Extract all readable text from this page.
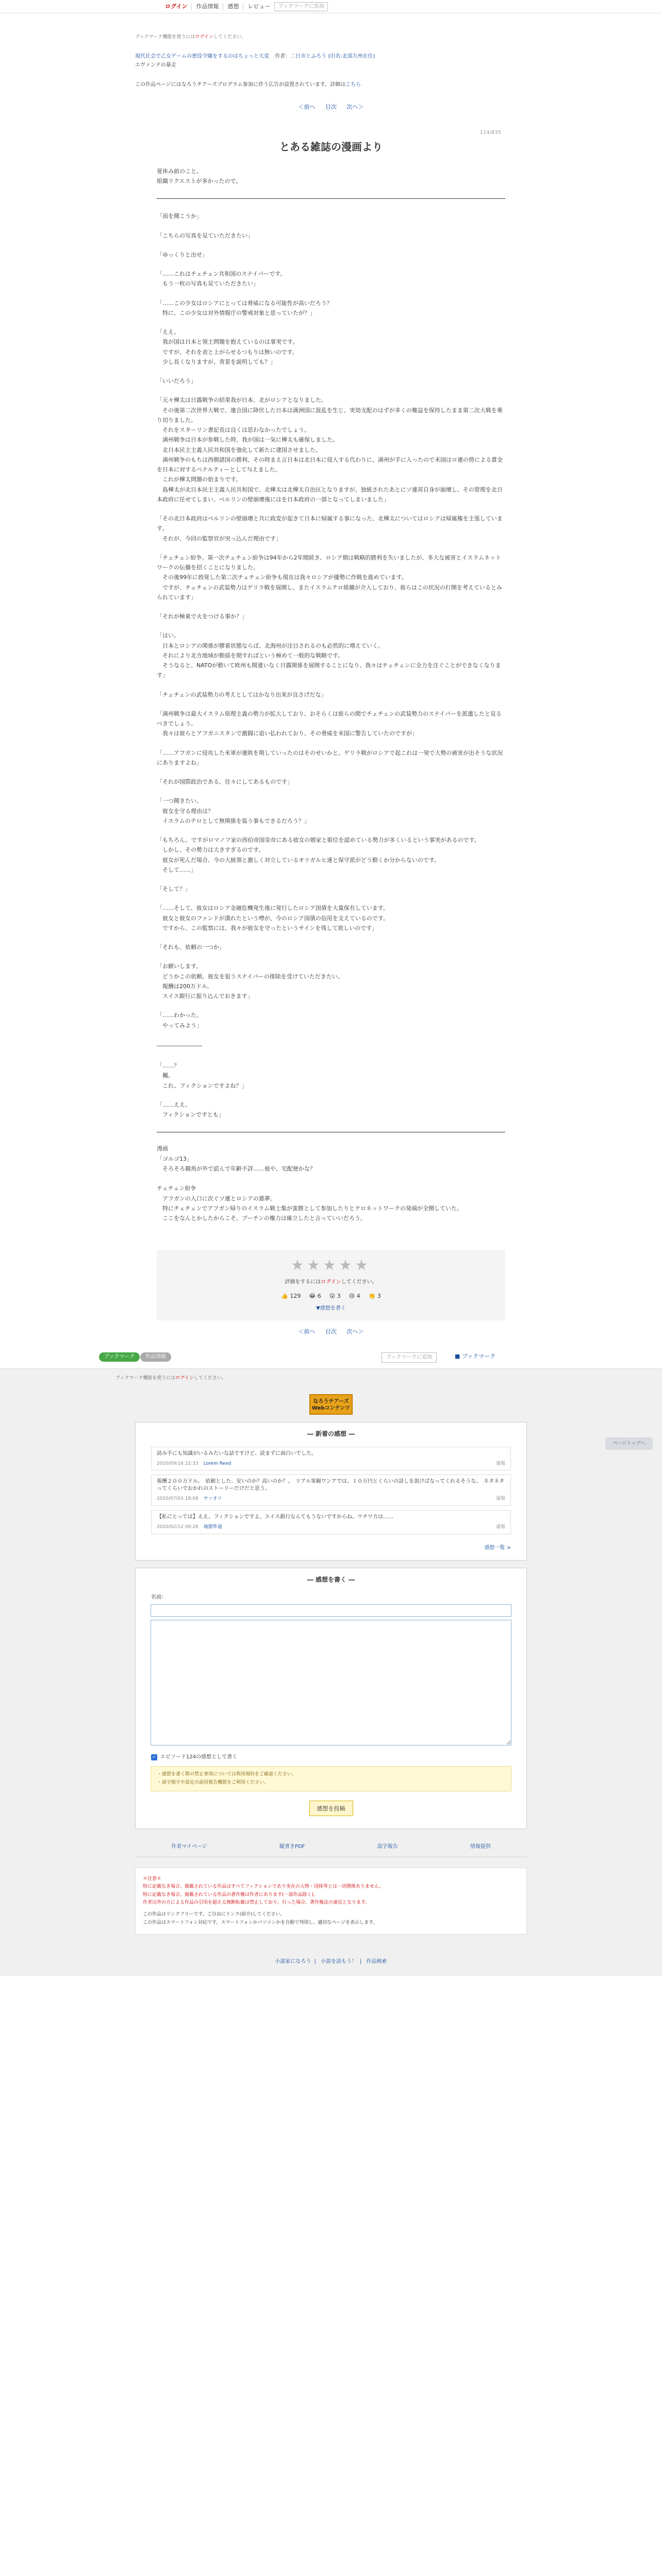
ログイン 作品情報 感想 レビュー	ブックマークに追加
ブックマーク機能を使うにはログインしてください。
現代社会で乙女ゲームの悪役令嬢をするのはちょっと大変 作者：二日市とふろう (旧名:北部九州在住)
エヴァンテの暴走
この作品ページにはなろうチアーズプログラム参加に伴う広告が設置されています。詳細はこちら
＜前へ 目次 次へ＞
114/835
とある雑誌の漫画より

夏休み前のこと。
組織リクエストが多かったので。

「雨を聞こうか」

「こちらの写真を見ていただきたい」

「ゆっくりと出せ」

「……これはチェチェン共和国のスナイパーです。
　もう一枚の写真も見ていただきたい」

「……この少女はロシアにとっては脅威になる可能性が高いだろう？
　特に、この少女は対外情報庁の警戒対象と思っていたが？」

「ええ。
　我が国は日本と領土問題を抱えているのは事実です。
　ですが、それを表と上がらせるつもりは無いのです。
　少し長くなりますが、背景を説明しても？」

「いいだろう」

「元々樺太は日露戦争の結果我が日本、北がロシアとなりました。
　その後第二次世界大戦で、連合国に降伏した日本は満洲国に混乱を生じ、実効支配のはずが多くの権益を保持したまま第二次大戦を乗り切りました。
　それをスターリン書記長は良くは思わなかったでしょう。
　満州戦争は日本が参戦した時、我が国は一気に樺太も確保しました。
　北日本民主主義人民共和国を強化して新たに建国させました。
　満州戦争のもちは西側諸国の勝利、その時まえ言日本は北日本に侵入する代わりに、満州が手に入ったので米国はロ連の傍による賞金を日本に対するペナルティーとして与えました。
　これが樺太問題の始まりです。
　島樺太が北日本民主主義人民共和国で、北樺太は北樺太自治区となりますが、独統されたあとにソ連邦自身が崩壊し、その管理を北日本政府に任せてしまい、ベルリンの壁崩壊後にはを日本政府の一部となってしまいました」

「その北日本政府はベルリンの壁崩壊と共に政変が起きて日本に帰属する事になった、北樺太についてはロシアは帰属権を主張しています。
　それが、今回の監察官が突っ込んだ理由です」

「チェチェン紛争。第一次チェチェン紛争は94年から2年間続き、ロシア側は戦略的勝利を失いましたが、多大な被害とイスラムネットワークの伝播を招くことになりました。
　その後99年に勃発した第二次チェチェン紛争も現在は我々ロシアが優勢に作戦を進めています。
　ですが、チェチェンの武装勢力はゲリラ戦を展開し、またイスラムテロ組織が介入しており、彼らはこの状況の打開を考えているとみられています」

「それが極東で火をつける事か？」

「はい。
　日本とロシアの関係が膠着状態ならば、北海州が注目されるのも必然的に増えていく。
　それにより北方地域が動揺を期すればという極めて一般的な戦略です。
　そうなると、NATOが動いて欧州も間違いなく日露関係を展開することになり、我々はチェチェンに全力を注ぐことができなくなります」

「チェチェンの武装勢力の考えとしてはかなり出来が良さげだな」

「満州戦争は最大イスラム原理主義の勢力が拡大しており、おそらくは彼らの間でチェチェンの武装勢力のスナイパーを派遣したと見るべきでしょう。
　我々は彼らとアフガニスタンで激闘に追い払われており、その脅威を米国に警告していたのですが」

「……アフガンに侵攻した米軍が連敗を期していったのはそのせいかと。ゲリラ戦がロシアで起これは一発で大勢の被害が出そうな状況にありますよね」

「それが国際政治である、往々にしてあるものです」

「一つ聞きたい。
　彼女を守る理由は？
　イスラムのテロとして無関係を装う事もできるだろう？」

「もちろん。ですがロマノフ家の西伯帝国皇帝にある彼女の婚家と姫位を認めている勢力が多くいるという事実があるのです。
　しかし、その勢力は大きすぎるのです。
　彼女が死んだ場合、今の大統領と激しく対立しているオリガルヒ達と保守派がどう動くか分からないのです。
　そして……」

「そして？」

「……そして、彼女はロシア金融危機発生後に発行したロシア国債を大量保有しています。
　彼女と彼女のファンドが潰れたという噂が、今のロシア国債の信用を支えているのです。
　ですから、この監察には、我々が彼女を守ったというサインを残して欲しいのです」

「それも、依頼の一つか」

「お願いします。
　どうかこの依頼、彼女を狙うスナイパーの排除を受けていただきたい。
　報酬は200万ドル。
　スイス銀行に振り込んでおきます」

「……わかった。
　やってみよう」

――――――――

「……？
　楓。
　これ、フィクションですよね？」

「……ええ。
　フィクションですとも」

漫画
「ゴルゴ13」
　そろそろ競馬が外で読んで年齢不詳……彼や、宅配便かな？

チェチェン紛争
　アフガンの入口に次ぐソ連とロシアの悪夢。
　特にチェチェンでアフガン帰りのイスラム戦士集が蛮勝として参加したりとテロネットワークの発端が全開していた。
　ここをなんとかしたからこそ、プーチンの権力は確立したと言っていいだろう。
★★★★★
評価をするにはログインしてください。
👍 129 😂 6 😲 3 😢 4 👏 3
▼感想を書く
＜前へ 目次 次へ＞
ブックマーク	作品情報	ブックマークに追加	■ ブックマーク
ブックマーク機能を使うにはログインしてください。
なろうチアーズ
Webコンテンツ
― 新着の感想 ―
読み手にも知識がいるみたいな話ですけど、読まずに面白いでした。
2020/09/16 22:33 Lorem Reed	通報
報酬２００万ドル。　依頼とした、安いのか？高いのか？。　リアル客観ワンアでは、１０万円とくらいの話しを説けばなってくれるそうな。　ネタネタってくらいでおかれのストーリーだけだと思う。
2020/07/03 18:08 サァオコ	通報
【私にとっては】ええ、フィクションですよ。スイス銀行なんてもうないですからね。ウチワ方は……
2020/02/12 08:28 城猫隼通	通報
感想一覧 >
― 感想を書く ―
名前：
✓ エピソード124の感想として書く
・感想を書く際の禁止事項については利用規約をご確認ください。
・誤字脱字や設定の誤用報告機能をご利用ください。
感想を投稿
作者マイページ	縦書きPDF	誤字報告	情報提供
＊注意＊
特に記載なき場合、掲載されている作品はすべてフィクションであり実在の人物・団体等とは一切関係ありません。
特に記載なき場合、掲載されている作品の著作権は作者にあります(一部作品除く)。
作者以外の方による作品の引用を超える無断転載は禁止しており、行った場合、著作権法の違反となります。
この作品はリンクフリーです。ご自由にリンク(紹介)してください。
この作品はスマートフォン対応です。スマートフォンかパソコンかを自動で判別し、適切なページを表示します。
小説家になろう | 小説を読もう！ | 作品検索
ページトップへ
